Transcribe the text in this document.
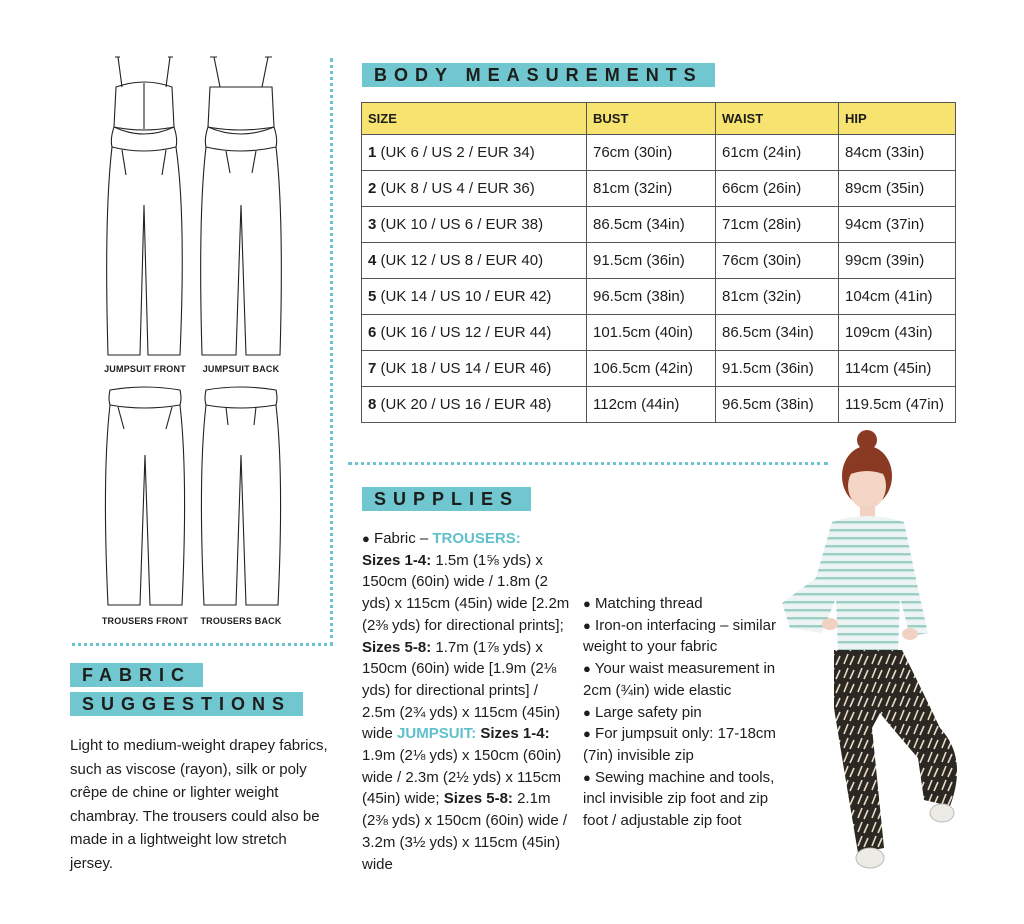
JUMPSUIT FRONT	JUMPSUIT BACK
TROUSERS FRONT	TROUSERS BACK
BODY MEASUREMENTS
SIZE	BUST	WAIST	HIP
1 (UK 6 / US 2 / EUR 34)	76cm (30in)	61cm (24in)	84cm (33in)
2 (UK 8 / US 4 / EUR 36)	81cm (32in)	66cm (26in)	89cm (35in)
3 (UK 10 / US 6 / EUR 38)	86.5cm (34in)	71cm (28in)	94cm (37in)
4 (UK 12 / US 8 / EUR 40)	91.5cm (36in)	76cm (30in)	99cm (39in)
5 (UK 14 / US 10 / EUR 42)	96.5cm (38in)	81cm (32in)	104cm (41in)
6 (UK 16 / US 12 / EUR 44)	101.5cm (40in)	86.5cm (34in)	109cm (43in)
7 (UK 18 / US 14 / EUR 46)	106.5cm (42in)	91.5cm (36in)	114cm (45in)
8 (UK 20 / US 16 / EUR 48)	112cm (44in)	96.5cm (38in)	119.5cm (47in)
FABRIC
SUGGESTIONS
Light to medium-weight drapey fabrics, such as viscose (rayon), silk or poly crêpe de chine or lighter weight chambray. The trousers could also be made in a lightweight low stretch jersey.
SUPPLIES

● Fabric – TROUSERS:
Sizes 1-4: 1.5m (1⅝ yds) x 150cm (60in) wide / 1.8m (2 yds) x 115cm (45in) wide [2.2m (2⅜ yds) for directional prints]; Sizes 5-8: 1.7m (1⅞ yds) x 150cm (60in) wide [1.9m (2⅛ yds) for directional prints] / 2.5m (2¾ yds) x 115cm (45in) wide JUMPSUIT: Sizes 1-4: 1.9m (2⅛ yds) x 150cm (60in) wide / 2.3m (2½ yds) x 115cm (45in) wide; Sizes 5-8: 2.1m (2⅜ yds) x 150cm (60in) wide / 3.2m (3½ yds) x 115cm (45in) wide

● Matching thread

● Iron-on interfacing – similar weight to your fabric

● Your waist measurement in 2cm (¾in) wide elastic

● Large safety pin

● For jumpsuit only: 17-18cm (7in) invisible zip

● Sewing machine and tools, incl invisible zip foot and zip foot / adjustable zip foot
